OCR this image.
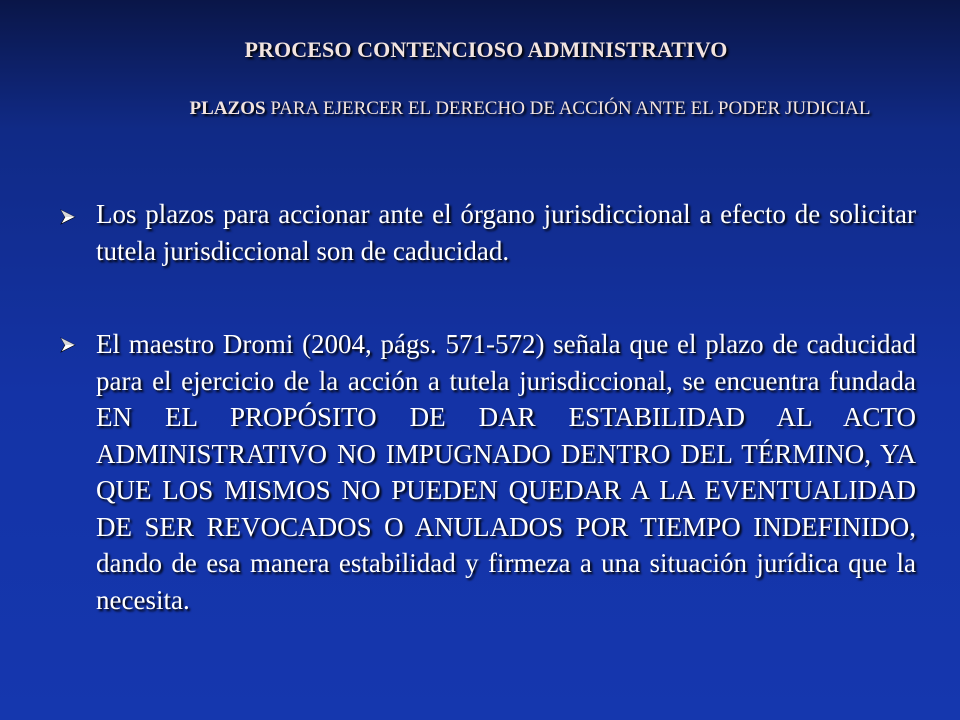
PROCESO CONTENCIOSO ADMINISTRATIVO
PLAZOS PARA EJERCER EL DERECHO DE ACCIÓN ANTE EL PODER JUDICIAL
Los plazos para accionar ante el órgano jurisdiccional a efecto de solicitar tutela jurisdiccional son de caducidad.
El maestro Dromi (2004, págs. 571-572) señala que el plazo de caducidad para el ejercicio de la acción a tutela jurisdiccional, se encuentra fundada EN EL PROPÓSITO DE DAR ESTABILIDAD AL ACTO ADMINISTRATIVO NO IMPUGNADO DENTRO DEL TÉRMINO, YA QUE LOS MISMOS NO PUEDEN QUEDAR A LA EVENTUALIDAD DE SER REVOCADOS O ANULADOS POR TIEMPO INDEFINIDO, dando de esa manera estabilidad y firmeza a una situación jurídica que la necesita.
